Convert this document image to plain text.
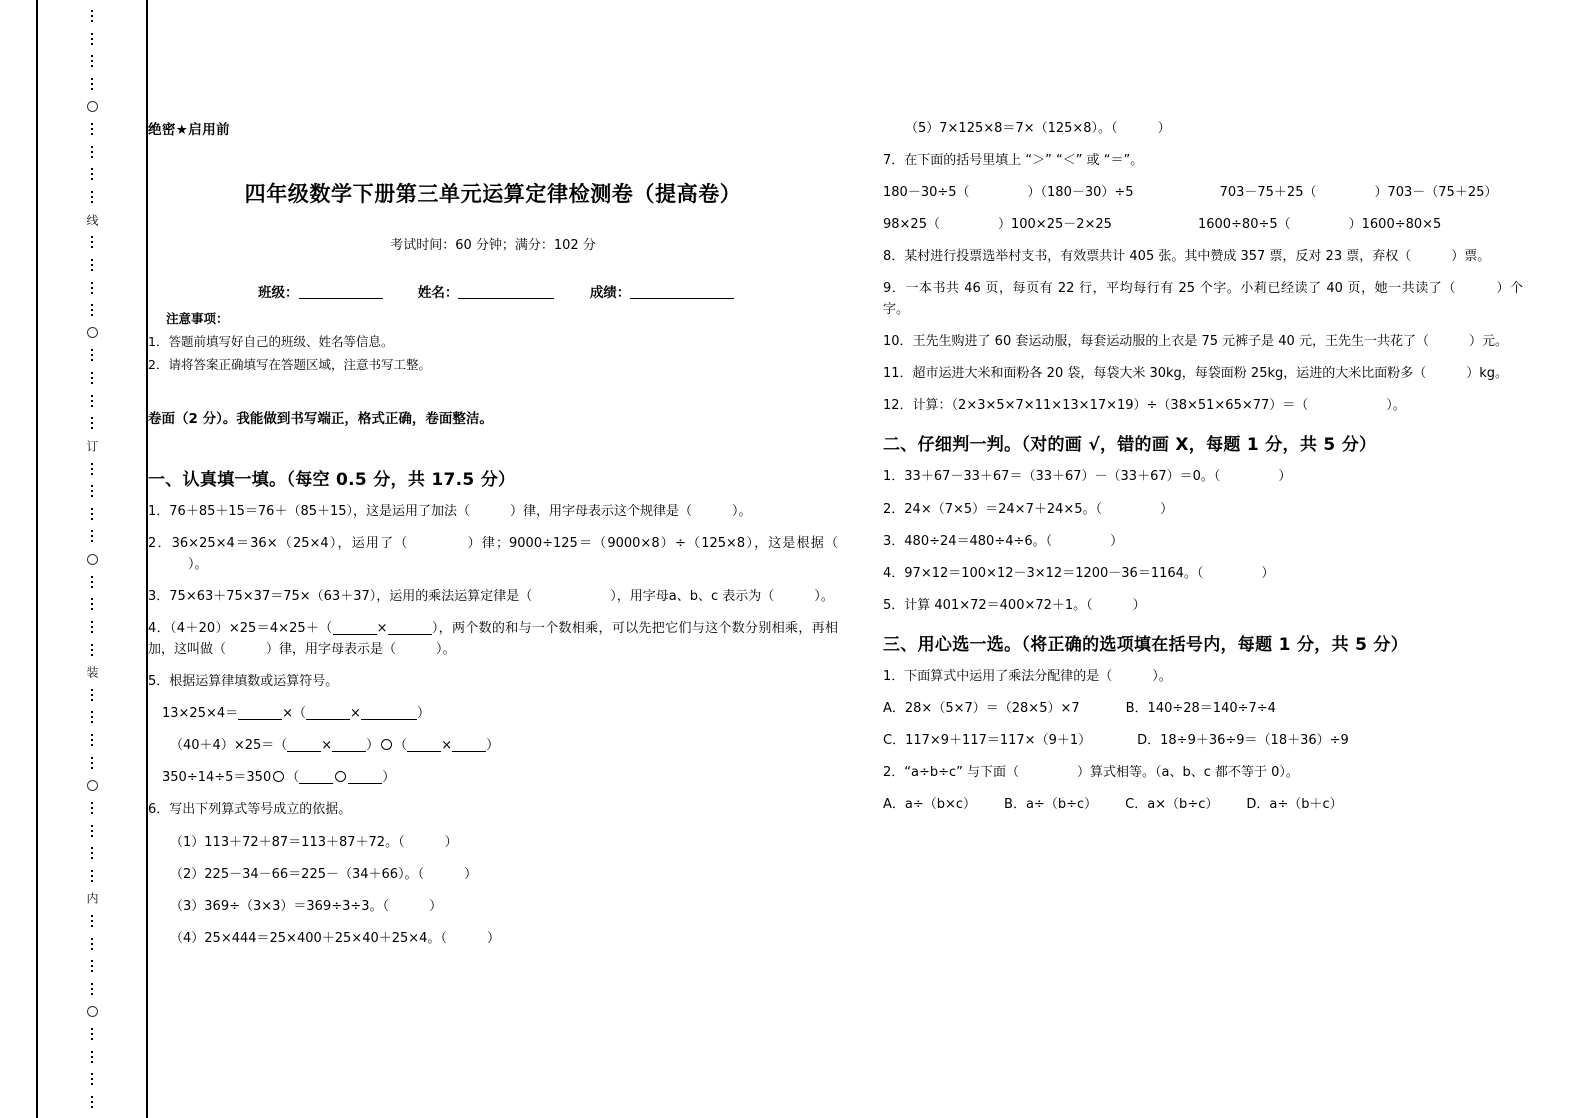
线
订
装
内
绝密★启用前
四年级数学下册第三单元运算定律检测卷（提高卷）
考试时间：60 分钟；满分：102 分
班级：	姓名：	成绩：
注意事项：
1．答题前填写好自己的班级、姓名等信息。
2．请将答案正确填写在答题区域，注意书写工整。
卷面（2 分）。我能做到书写端正，格式正确，卷面整洁。
一、认真填一填。（每空 0.5 分，共 17.5 分）

1．76＋85＋15＝76＋（85＋15），这是运用了加法（	）律，用字母表示这个规律是（	）。

2．36×25×4＝36×（25×4），运用了（	）律；9000÷125＝（9000×8）÷（125×8），这是根据（）。

3．75×63＋75×37＝75×（63＋37），运用的乘法运算定律是（	），用字母a、b、c 表示为（	）。

4．（4＋20）×25＝4×25＋（	×	），两个数的和与一个数相乘，可以先把它们与这个数分别相乘，再相加，这叫做（	）律，用字母表示是（	）。

5．根据运算律填数或运算符号。

13×25×4＝	×（	×	）

（40＋4）×25＝（	×	） （	×	）

350÷14÷5＝350 （	）

6．写出下列算式等号成立的依据。

（1）113＋72＋87＝113＋87＋72。（	）

（2）225－34－66＝225－（34＋66）。（	）

（3）369÷（3×3）＝369÷3÷3。（	）

（4）25×444＝25×400＋25×40＋25×4。（	）

（5）7×125×8＝7×（125×8）。（	）

7．在下面的括号里填上 “＞” “＜” 或 “＝”。

180－30÷5（	）（180－30）÷5	703－75＋25（	）703－（75＋25）

98×25（	）100×25－2×25	1600÷80÷5（	）1600÷80×5

8．某村进行投票选举村支书，有效票共计 405 张。其中赞成 357 票，反对 23 票，弃权（	）票。

9．一本书共 46 页，每页有 22 行，平均每行有 25 个字。小莉已经读了 40 页，她一共读了（	）个字。

10．王先生购进了 60 套运动服，每套运动服的上衣是 75 元裤子是 40 元，王先生一共花了（	）元。

11．超市运进大米和面粉各 20 袋，每袋大米 30kg，每袋面粉 25kg，运进的大米比面粉多（	）kg。

12．计算：（2×3×5×7×11×13×17×19）÷（38×51×65×77）＝（	）。

二、仔细判一判。（对的画 √，错的画 X，每题 1 分，共 5 分）

1．33＋67－33＋67＝（33＋67）－（33＋67）＝0。（	）

2．24×（7×5）＝24×7＋24×5。（	）

3．480÷24＝480÷4÷6。（	）

4．97×12＝100×12－3×12＝1200－36＝1164。（	）

5．计算 401×72＝400×72＋1。（	）

三、用心选一选。（将正确的选项填在括号内，每题 1 分，共 5 分）

1．下面算式中运用了乘法分配律的是（	）。

A．28×（5×7）＝（28×5）×7	B．140÷28＝140÷7÷4

C．117×9＋117＝117×（9＋1）	D．18÷9＋36÷9＝（18＋36）÷9

2．“a÷b÷c” 与下面（	）算式相等。（a、b、c 都不等于 0）。

A．a÷（b×c） B．a÷（b÷c） C．a×（b÷c） D．a÷（b＋c）
